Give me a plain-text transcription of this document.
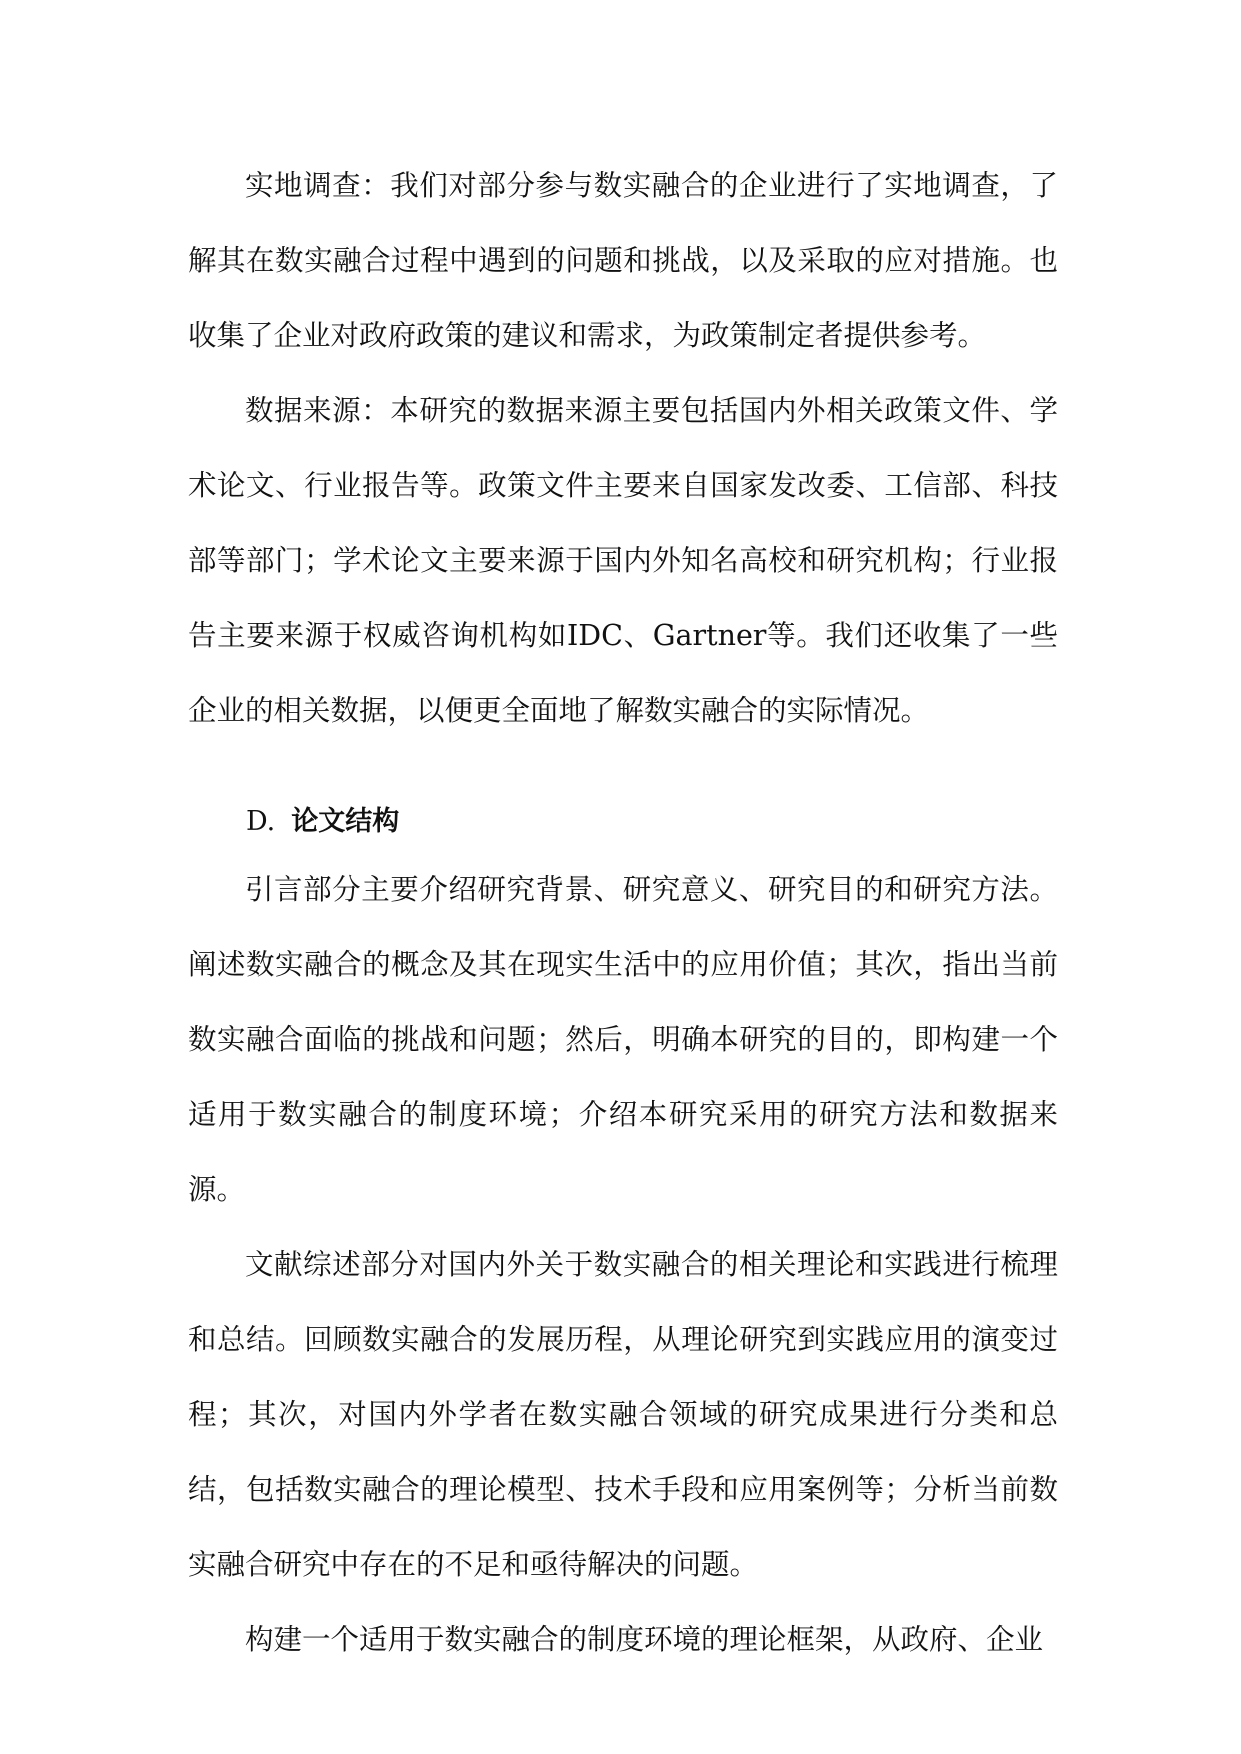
实地调查：我们对部分参与数实融合的企业进行了实地调查，了解其在数实融合过程中遇到的问题和挑战，以及采取的应对措施。也收集了企业对政府政策的建议和需求，为政策制定者提供参考。

数据来源：本研究的数据来源主要包括国内外相关政策文件、学术论文、行业报告等。政策文件主要来自国家发改委、工信部、科技部等部门；学术论文主要来源于国内外知名高校和研究机构；行业报告主要来源于权威咨询机构如IDC、Gartner等。我们还收集了一些企业的相关数据，以便更全面地了解数实融合的实际情况。

D. 论文结构

引言部分主要介绍研究背景、研究意义、研究目的和研究方法。阐述数实融合的概念及其在现实生活中的应用价值；其次，指出当前数实融合面临的挑战和问题；然后，明确本研究的目的，即构建一个适用于数实融合的制度环境；介绍本研究采用的研究方法和数据来源。

文献综述部分对国内外关于数实融合的相关理论和实践进行梳理和总结。回顾数实融合的发展历程，从理论研究到实践应用的演变过程；其次，对国内外学者在数实融合领域的研究成果进行分类和总结，包括数实融合的理论模型、技术手段和应用案例等；分析当前数实融合研究中存在的不足和亟待解决的问题。

构建一个适用于数实融合的制度环境的理论框架，从政府、企业
